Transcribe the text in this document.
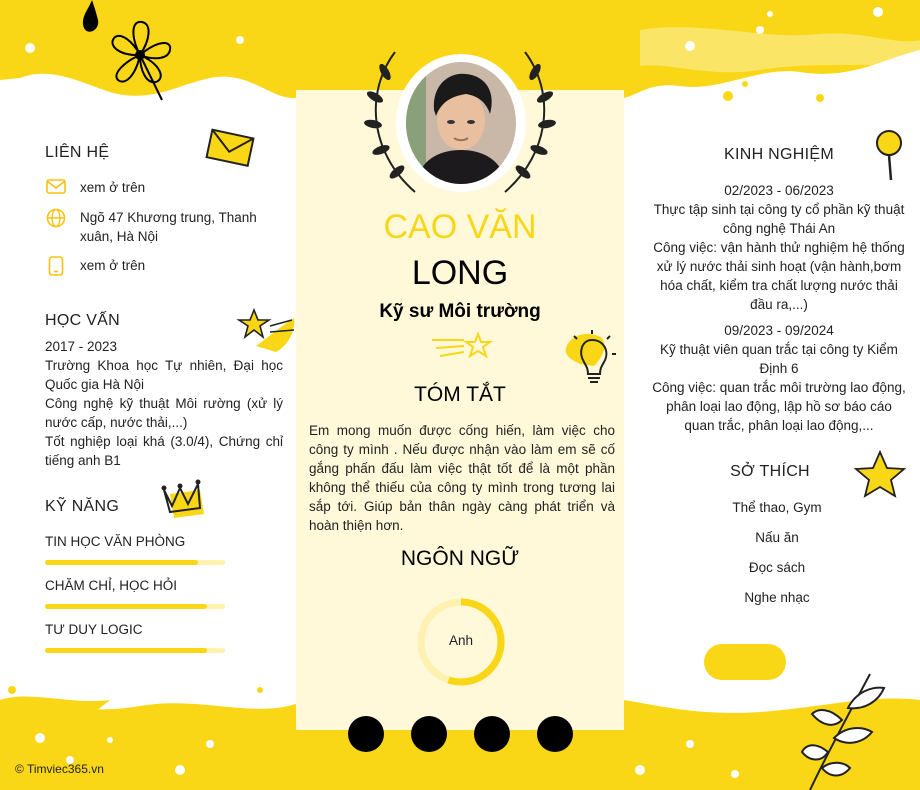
LIÊN HỆ
xem ở trên
Ngõ 47 Khương trung, Thanh xuân, Hà Nội
xem ở trên
HỌC VẤN
2017 - 2023
Trường Khoa học Tự nhiên, Đại học Quốc gia Hà Nội
Công nghệ kỹ thuật Môi rường (xử lý nước cấp, nước thải,...)
Tốt nghiệp loại khá (3.0/4), Chứng chỉ tiếng anh B1
KỸ NĂNG
TIN HỌC VĂN PHÒNG
CHĂM CHỈ, HỌC HỎI
TƯ DUY LOGIC
CAO VĂN
LONG
Kỹ sư Môi trường
TÓM TẮT
Em mong muốn được cống hiến, làm việc cho công ty mình . Nếu được nhận vào làm em sẽ cố gắng phấn đấu làm việc thật tốt để là một phần không thể thiếu của công ty mình trong tương lai sắp tới. Giúp bản thân ngày càng phát triển và hoàn thiện hơn.
NGÔN NGỮ
Anh
KINH NGHIỆM
02/2023 - 06/2023
Thực tập sinh tại công ty cổ phần kỹ thuật công nghệ Thái An
Công việc: vận hành thử nghiệm hệ thống xử lý nước thải sinh hoạt (vận hành,bơm hóa chất, kiểm tra chất lượng nước thải đầu ra,...)
09/2023 - 09/2024
Kỹ thuật viên quan trắc tại công ty Kiểm Định 6
Công việc: quan trắc môi trường lao động, phân loại lao động, lập hồ sơ báo cáo quan trắc, phân loại lao động,...
SỞ THÍCH
Thể thao, Gym
Nấu ăn
Đọc sách
Nghe nhạc
© Timviec365.vn
